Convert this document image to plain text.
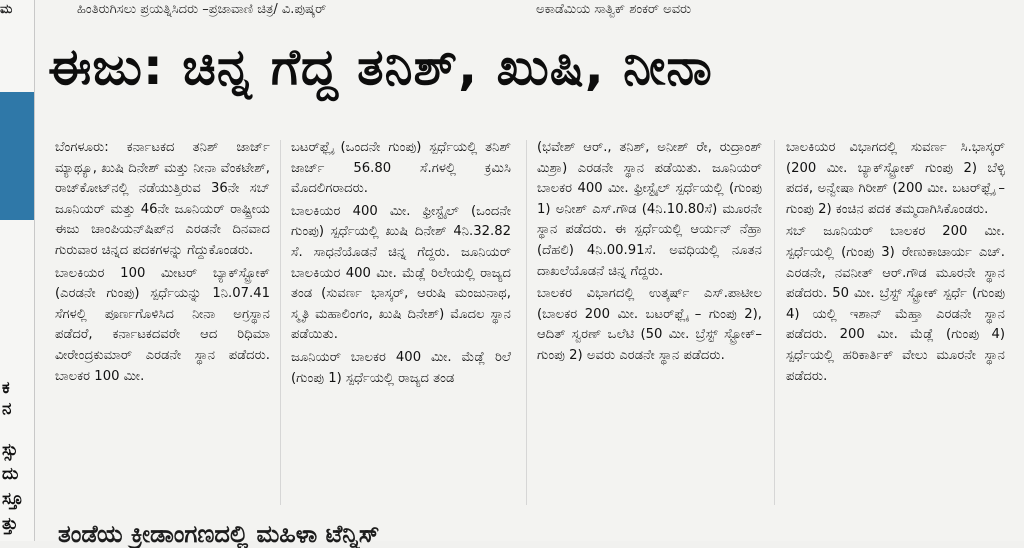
ಕ
ನ
ಸ್ಸು
ದು
ಸ್ತೂ
ತ್ತು
ಮ	ಹಿಂತಿರುಗಿಸಲು ಪ್ರಯತ್ನಿಸಿದರು –ಪ್ರಜಾವಾಣಿ ಚಿತ್ರ/ ವಿ.ಪುಷ್ಕರ್	ಅಕಾಡೆಮಿಯ ಸಾತ್ವಿಕ್ ಶಂಕರ್ ಅವರು
ಈಜು: ಚಿನ್ನ ಗೆದ್ದ ತನಿಶ್, ಖುಷಿ, ನೀನಾ

ಬೆಂಗಳೂರು: ಕರ್ನಾಟಕದ ತನಿಶ್ ಜಾರ್ಜ್ ಮ್ಯಾಥ್ಯೂ, ಖುಷಿ ದಿನೇಶ್ ಮತ್ತು ನೀನಾ ವೆಂಕಟೇಶ್, ರಾಜ್‌ಕೋಟ್‌ನಲ್ಲಿ ನಡೆಯುತ್ತಿರುವ 36ನೇ ಸಬ್ ಜೂನಿಯರ್ ಮತ್ತು 46ನೇ ಜೂನಿಯರ್ ರಾಷ್ಟ್ರೀಯ ಈಜು ಚಾಂಪಿಯನ್‌ಷಿಪ್‌ನ ಎರಡನೇ ದಿನವಾದ ಗುರುವಾರ ಚಿನ್ನದ ಪದಕಗಳನ್ನು ಗೆದ್ದುಕೊಂಡರು.

ಬಾಲಕಿಯರ 100 ಮೀಟರ್ ಬ್ಯಾಕ್‌ಸ್ಟ್ರೋಕ್ (ಎರಡನೇ ಗುಂಪು) ಸ್ಪರ್ಧೆಯನ್ನು 1ನಿ.07.41 ಸೆಗಳಲ್ಲಿ ಪೂರ್ಣಗೊಳಿಸಿದ ನೀನಾ ಅಗ್ರಸ್ಥಾನ ಪಡೆದರೆ, ಕರ್ನಾಟಕದವರೇ ಆದ ರಿಧಿಮಾ ವೀರೇಂದ್ರಕುಮಾರ್ ಎರಡನೇ ಸ್ಥಾನ ಪಡೆದರು. ಬಾಲಕರ 100 ಮೀ.

ಬಟರ್‌ಫ್ಲೈ (ಒಂದನೇ ಗುಂಪು) ಸ್ಪರ್ಧೆಯಲ್ಲಿ ತನಿಶ್ ಜಾರ್ಜ್ 56.80 ಸೆ.ಗಳಲ್ಲಿ ಕ್ರಮಿಸಿ ಮೊದಲಿಗರಾದರು.

ಬಾಲಕಿಯರ 400 ಮೀ. ಫ್ರೀಸ್ಟೈಲ್ (ಒಂದನೇ ಗುಂಪು) ಸ್ಪರ್ಧೆಯಲ್ಲಿ ಖುಷಿ ದಿನೇಶ್ 4ನಿ.32.82 ಸೆ. ಸಾಧನೆಯೊಡನೆ ಚಿನ್ನ ಗೆದ್ದರು. ಜೂನಿಯರ್ ಬಾಲಕಿಯರ 400 ಮೀ. ಮೆಡ್ಲೆ ರಿಲೇಯಲ್ಲಿ ರಾಜ್ಯದ ತಂಡ (ಸುವರ್ಣ ಭಾಸ್ಕರ್, ಆರುಷಿ ಮಂಜುನಾಥ, ಸ್ಮೃತಿ ಮಹಾಲಿಂಗಂ, ಖುಷಿ ದಿನೇಶ್) ಮೊದಲ ಸ್ಥಾನ ಪಡೆಯಿತು.

ಜೂನಿಯರ್ ಬಾಲಕರ 400 ಮೀ. ಮೆಡ್ಲೆ ರಿಲೆ (ಗುಂಪು 1) ಸ್ಪರ್ಧೆಯಲ್ಲಿ ರಾಜ್ಯದ ತಂಡ

(ಭವೇಶ್ ಆರ್., ತನಿಶ್, ಅನೀಶ್ ರೇ, ರುದ್ರಾಂಶ್ ಮಿಶ್ರಾ) ಎರಡನೇ ಸ್ಥಾನ ಪಡೆಯಿತು. ಜೂನಿಯರ್ ಬಾಲಕರ 400 ಮೀ. ಫ್ರೀಸ್ಟೈಲ್ ಸ್ಪರ್ಧೆಯಲ್ಲಿ (ಗುಂಪು 1) ಅನೀಶ್ ಎಸ್.ಗೌಡ (4ನಿ.10.80ಸೆ) ಮೂರನೇ ಸ್ಥಾನ ಪಡೆದರು. ಈ ಸ್ಪರ್ಧೆಯಲ್ಲಿ ಆರ್ಯನ್ ನೆಹ್ರಾ (ದೆಹಲಿ) 4ನಿ.00.91ಸೆ. ಅವಧಿಯಲ್ಲಿ ನೂತನ ದಾಖಲೆಯೊಡನೆ ಚಿನ್ನ ಗೆದ್ದರು.

ಬಾಲಕರ ವಿಭಾಗದಲ್ಲಿ ಉತ್ಕರ್ಷ್ ಎಸ್.ಪಾಟೀಲ (ಬಾಲಕರ 200 ಮೀ. ಬಟರ್‌ಫ್ಲೈ – ಗುಂಪು 2), ಆದಿತ್ ಸ್ವರಣ್ ಒಲೆಟಿ (50 ಮೀ. ಬ್ರೆಸ್ಟ್ ಸ್ಟ್ರೋಕ್–ಗುಂಪು 2) ಅವರು ಎರಡನೇ ಸ್ಥಾನ ಪಡೆದರು.

ಬಾಲಕಿಯರ ವಿಭಾಗದಲ್ಲಿ ಸುವರ್ಣ ಸಿ.ಭಾಸ್ಕರ್ (200 ಮೀ. ಬ್ಯಾಕ್‌ಸ್ಟ್ರೋಕ್ ಗುಂಪು 2) ಬೆಳ್ಳಿ ಪದಕ, ಅನ್ವೇಷಾ ಗಿರೀಶ್ (200 ಮೀ. ಬಟರ್‌ಫ್ಲೈ – ಗುಂಪು 2) ಕಂಚಿನ ಪದಕ ತಮ್ಮದಾಗಿಸಿಕೊಂಡರು.

ಸಬ್ ಜೂನಿಯರ್ ಬಾಲಕರ 200 ಮೀ. ಸ್ಪರ್ಧೆಯಲ್ಲಿ (ಗುಂಪು 3) ರೇಣುಕಾಚಾರ್ಯ ಎಚ್. ಎರಡನೇ, ನವನೀತ್ ಆರ್.ಗೌಡ ಮೂರನೇ ಸ್ಥಾನ ಪಡೆದರು. 50 ಮೀ. ಬ್ರೆಸ್ಟ್ ಸ್ಟ್ರೋಕ್ ಸ್ಪರ್ಧೆ (ಗುಂಪು 4) ಯಲ್ಲಿ ಇಶಾನ್ ಮೆಹ್ತಾ ಎರಡನೇ ಸ್ಥಾನ ಪಡೆದರು. 200 ಮೀ. ಮೆಡ್ಲೆ (ಗುಂಪು 4) ಸ್ಪರ್ಧೆಯಲ್ಲಿ ಹರಿಕಾರ್ತಿಕ್ ವೇಲು ಮೂರನೇ ಸ್ಥಾನ ಪಡೆದರು.

ತಂಡೆಯ ಕ್ರೀಡಾಂಗಣದಲ್ಲಿ ಮಹಿಳಾ ಟೆನ್ನಿಸ್
